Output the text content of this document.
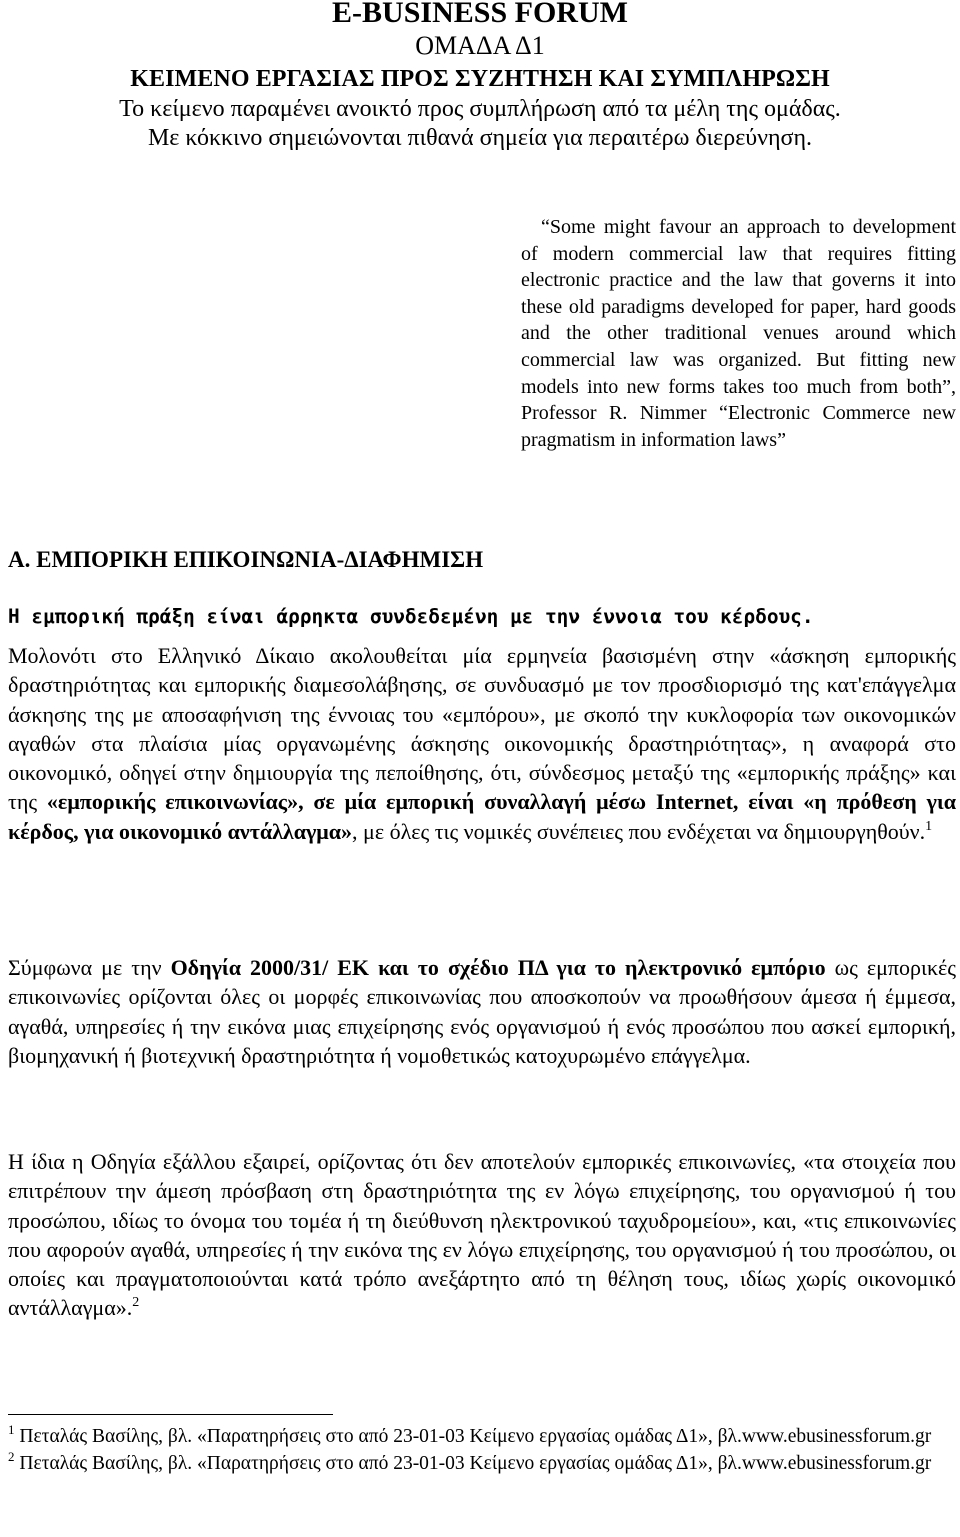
E-BUSINESS FORUM
ΟΜΑΔΑ Δ1
ΚΕΙΜΕΝΟ ΕΡΓΑΣΙΑΣ ΠΡΟΣ ΣΥΖΗΤΗΣΗ ΚΑΙ ΣΥΜΠΛΗΡΩΣΗ
Το κείμενο παραμένει ανοικτό προς συμπλήρωση από τα μέλη της ομάδας.
Με κόκκινο σημειώνονται πιθανά σημεία για περαιτέρω διερεύνηση.
“Some might favour an approach to development of modern commercial law that requires fitting electronic practice and the law that governs it into these old paradigms developed for paper, hard goods and the other traditional venues around which commercial law was organized. But fitting new models into new forms takes too much from both”, Professor R. Nimmer “Electronic Commerce new pragmatism in information laws”
Α. ΕΜΠΟΡΙΚΗ ΕΠΙΚΟΙΝΩΝΙΑ-ΔΙΑΦΗΜΙΣΗ
Η εμπορική πράξη είναι άρρηκτα συνδεδεμένη με την έννοια του κέρδους.
Μολονότι στο Ελληνικό Δίκαιο ακολουθείται μία ερμηνεία βασισμένη στην «άσκηση εμπορικής δραστηριότητας και εμπορικής διαμεσολάβησης, σε συνδυασμό με τον προσδιορισμό της κατ'επάγγελμα άσκησης της με αποσαφήνιση της έννοιας του «εμπόρου», με σκοπό την κυκλοφορία των οικονομικών αγαθών στα πλαίσια μίας οργανωμένης άσκησης οικονομικής δραστηριότητας», η αναφορά στο οικονομικό, οδηγεί στην δημιουργία της πεποίθησης, ότι, σύνδεσμος μεταξύ της «εμπορικής πράξης» και της «εμπορικής επικοινωνίας», σε μία εμπορική συναλλαγή μέσω Internet, είναι «η πρόθεση για κέρδος, για οικονομικό αντάλλαγμα», με όλες τις νομικές συνέπειες που ενδέχεται να δημιουργηθούν.$^1$
Σύμφωνα με την Οδηγία 2000/31/ ΕΚ και το σχέδιο ΠΔ για το ηλεκτρονικό εμπόριο ως εμπορικές επικοινωνίες ορίζονται όλες οι μορφές επικοινωνίας που αποσκοπούν να προωθήσουν άμεσα ή έμμεσα, αγαθά, υπηρεσίες ή την εικόνα μιας επιχείρησης ενός οργανισμού ή ενός προσώπου που ασκεί εμπορική, βιομηχανική ή βιοτεχνική δραστηριότητα ή νομοθετικώς κατοχυρωμένο επάγγελμα.
Η ίδια η Οδηγία εξάλλου εξαιρεί, ορίζοντας ότι δεν αποτελούν εμπορικές επικοινωνίες, «τα στοιχεία που επιτρέπουν την άμεση πρόσβαση στη δραστηριότητα της εν λόγω επιχείρησης, του οργανισμού ή του προσώπου, ιδίως το όνομα του τομέα ή τη διεύθυνση ηλεκτρονικού ταχυδρομείου», και, «τις επικοινωνίες που αφορούν αγαθά, υπηρεσίες ή την εικόνα της εν λόγω επιχείρησης, του οργανισμού ή του προσώπου, οι οποίες και πραγματοποιούνται κατά τρόπο ανεξάρτητο από τη θέληση τους, ιδίως χωρίς οικονομικό αντάλλαγμα».$^2$
$^1$ Πεταλάς Βασίλης, βλ. «Παρατηρήσεις στο από 23-01-03 Κείμενο εργασίας ομάδας Δ1», βλ.www.ebusinessforum.gr
$^2$ Πεταλάς Βασίλης, βλ. «Παρατηρήσεις στο από 23-01-03 Κείμενο εργασίας ομάδας Δ1», βλ.www.ebusinessforum.gr
